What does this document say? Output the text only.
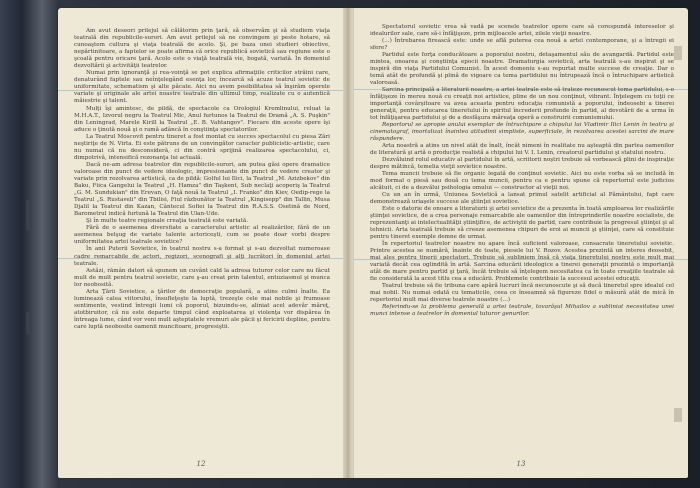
Am avut deseori prilejul să călătorim prin ţară, să observăm şi să studiem viaţa teatrală din republicile-surori. Am avut prilejul să ne convingem şi peste hotare, să cunoaştem cultura şi viaţa teatrală de acolo. Şi, pe baza unei studieri obiective, nepărtinitoare, a faptelor se poate afirma că orice republică sovietică sau regiune este o şcoală pentru oricare ţară. Acolo este o viaţă teatrală vie, bogată, variată. În domeniul dezvoltării şi activităţii teatrelor.

Numai prin ignoranţă şi rea-voinţă se pot explica afirmaţiile criticilor străini care, denaturând faptele sau neînţelegând esenţa lor, încearcă să acuze teatrul sovietic de uniformitate, schematism şi alte păcate. Aici nu avem posibilitatea să înşirăm operele variate şi originale ale artei noastre teatrale din ultimul timp, realizate cu o autentică măiestrie şi talent.

Mulţi îşi amintesc, de pildă, de spectacole ca Orologiul Kremlinului, reluat la M.H.A.T., Izvorul negru la Teatrul Mic, Anul furtunos la Teatrul de Dramă „A. S. Puşkin" din Leningrad, Marele Kirill la Teatrul „E. B. Vahtangov". Fiecare din aceste opere îşi aduce o ţinută nouă şi o ramă adâncă în conştiinţa spectatorilor.

La Teatrul Moscovit pentru tineret a fost montat cu succes spectacolul cu piesa Zări neştiriţe de N. Virta. Ei este pătruns de un convingător caracter publicistic-artistic, care nu numai că nu desconsideră, ci din contră sprijină realizarea spectacolului, ci, dimpotrivă, intensifică rezonanţa lui actuală.

Dacă ne-am adresa teatrelor din republicile-surori, am putea găsi opere dramatice valoroase din punct de vedere ideologic, impresionante din punct de vedere creator şi variate prin rezolvarea artistică, ca de pildă: Golful lui Ilici, la Teatrul „M. Azizbekov" din Baku, Fiica Gangelui la Teatrul „H. Hamza" din Taşkent, Sub neclaţi acoperiş la Teatrul „G. M. Sundukian" din Erevan, O faţă nouă la Teatrul „I. Franko" din Kiev, Oedip-rege la Teatrul „S. Rustaveli" din Tbilisi, Fiul răzbunător la Teatrul „Kingisepp" din Tallin, Musa Djalil la Teatrul din Kazan, Cântecul Sofiei la Teatrul din R.A.S.S. Osetină de Nord, Barometrul indică furtună la Teatrul din Ulan-Ude.

Şi în multe teatre regionale creaţia teatrală este variată.

Fără de o asemenea diversitate a caracterului artistic al realizărilor, fără de un asemenea belşug de variate talente actoriceşti, cum se poate doar vorbi despre uniformitatea artei teatrale sovietice?

În anii Puterii Sovietice, în teatrul nostru s-a format şi s-au dezvoltat numeroase cadre remarcabile de actori, regizori, scenografi şi alţi lucrători în domeniul artei teatrale.

Astăzi, rămân datori să spunem un cuvânt cald la adresa tuturor celor care nu făcut mult de mult pentru teatrul sovietic, care ş-au creat prin talentul, entuziasmul şi munca lor neobosită.

Arta Ţării Sovietice, a ţărilor de democraţie populară, a atins culmi înalte. Ea luminează calea viitorului, însufleţeşte la luptă, trezeşte cele mai nobile şi frumoase sentimente, vestind întregii lumi că poporul, bizuindu-se, aliniat acel adevăr măreţ, atotbiruitor, că nu este departe timpul când exploatarea şi violenţa vor dispărea în întreaga lume, când vor veni mult aşteptatele vremuri ale păcii şi fericirii depline, pentru care luptă neobosite oamenii muncitoare, progresiştii.

12

Spectatorul sovietic vrea să vadă pe scenele teatrelor opere care să corespundă intereselor şi idealurilor sale, care să-i înfăţişeze, prin mijloacele artei, zilele vieţii noastre.

(...) Întrebarea firească este: unde se află puterea cea nouă a artei contemporane, şi a întregii ei sfere?

Partidul este forţa conducătoare a poporului nostru, detaşamentul său de avangardă. Partidul este mintea, onoarea şi conştiinţa epocii noastre. Dramaturgia sovietică, arta teatrală s-au inspirat şi se inspiră din viaţa Partidului Comunist. În acest domeniu s-au repurtat multe succese de creaţie. Dar o temă atât de profundă şi plină de vigoare ca tema partidului nu întrupează încă o întruchipare artistică valoroasă.

Sarcina principală a literaturii noastre, a artei teatrale este să trateze recunoscut tema partidului, s-o înfăţişeze în mereu nouă cu creaţii noi artistice, pline de un nou conţinut, vibrant. Înţelegem cu toţii ce importanţă covârşitoare va avea aceasta pentru educaţia comunistă a poporului, îndeosebi a tinerei generaţii, pentru educarea tineretului în spiritul încrederii profunde în partid, al devotării de a urma în tot înfăţişarea partidului şi de a desfăşura măreaţa operă a construirii comunismului.

Reportorul se apropie anului exemplar de întruchipare a chipului lui Vladimir Ilici Lenin în teatru şi cinematograf, imortalizat înaintea atitudinii simpliste, superficiale, în rezolvarea acestei sarcini de mare răspundere.

Arta noastră a atins un nivel atât de înalt, încât nimeni în realitate nu aşteaptă din partea oamenilor de literatură şi artă o producţie realistă a chipului lui V. I. Lenin, creatorul partidului şi statului nostru.

Dezvăluind rolul educativ al partidului în artă, scriitorii noştri trebuie să vorbească plini de inspiraţie despre mătincă, temelia vieţii sovietice noastre.

Tema muncii trebuie să fie organic legată de conţinut sovietic. Aici nu este vorba să se includă în mod formal o piesă sau două cu tema muncii, pentru ca e pentru spune că repertoriul este judicios alcătuit, ci de a dezvălui psihologia omului — constructor al vieţii noi.

Cu un an în urmă, Uniunea Sovietică a lansat primul satelit artificial al Pământului, fapt care demonstrează uriaşele succese ale ştiinţei sovietice.

Este o datorie de onoare a literaturii şi artei sovietice de a prezenta în toată amploarea lor realizările ştiinţei sovietice, de a crea personaje remarcabile ale oamenilor din întreprinderile noastre socialiste, de reprezentanţi ai intelectualităţii ştiinţifice, de activiştii de partid, care contribuie la progresul ştiinţei şi al tehnicii. Arta teatrală trebuie să creeze asemenea chipuri de eroi ai muncii şi ştiinţei, care să constituie pentru tineret exemple demne de urmat.

În repertoriul teatrelor noastre nu apare încă suficient valoroase, consacrate tineretului sovietic. Printre acestea se numără, înainte de toate, piesele lui V. Rozov. Acestea prezintă un interes deosebit, mai ales pentru tinerii spectatori. Trebuie să subliniem însă că viaţa tineretului nostru este mult mai variată decât cea oglindită în artă. Sarcina educării ideologice a tinerei generaţii prezintă o importanţă atât de mare pentru partid şi ţară, încât trebuie să înţelegem necesitatea ca în toate creaţiile teatrale să fie considerată la acest titlu cea a educării. Problemele contribuie la succesul acestei educaţii.

Teatrul trebuie să fie tribuna care apără lucruri încă necunoscute şi să ducă tineretul spre idealul cel mai nobil. Nu numai odată cu tematicile, ceea ce înseamnă să figureze fidel o măsură atât de mică în repertoriul mult mai diverse teatrele noastre (...)

Referindu-se la problema generală a artei teatrale, tovarăşul Mihailov a subliniat necesitatea unei munci intense a teatrelor în domeniul tuturor genurilor.

13
